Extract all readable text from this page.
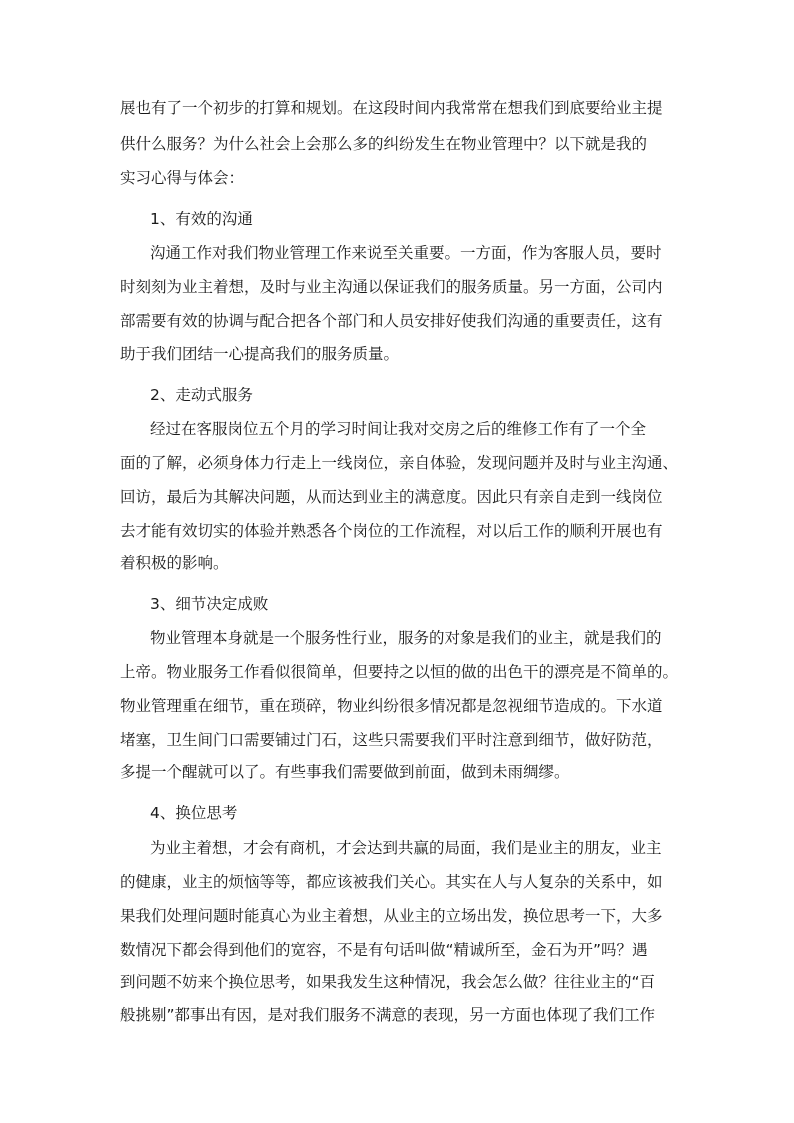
展也有了一个初步的打算和规划。在这段时间内我常常在想我们到底要给业主提
供什么服务？为什么社会上会那么多的纠纷发生在物业管理中？以下就是我的
实习心得与体会：
1、有效的沟通
沟通工作对我们物业管理工作来说至关重要。一方面，作为客服人员，要时
时刻刻为业主着想，及时与业主沟通以保证我们的服务质量。另一方面，公司内
部需要有效的协调与配合把各个部门和人员安排好使我们沟通的重要责任，这有
助于我们团结一心提高我们的服务质量。
2、走动式服务
经过在客服岗位五个月的学习时间让我对交房之后的维修工作有了一个全
面的了解，必须身体力行走上一线岗位，亲自体验，发现问题并及时与业主沟通、
回访，最后为其解决问题，从而达到业主的满意度。因此只有亲自走到一线岗位
去才能有效切实的体验并熟悉各个岗位的工作流程，对以后工作的顺利开展也有
着积极的影响。
3、细节决定成败
物业管理本身就是一个服务性行业，服务的对象是我们的业主，就是我们的
上帝。物业服务工作看似很简单，但要持之以恒的做的出色干的漂亮是不简单的。
物业管理重在细节，重在琐碎，物业纠纷很多情况都是忽视细节造成的。下水道
堵塞，卫生间门口需要铺过门石，这些只需要我们平时注意到细节，做好防范，
多提一个醒就可以了。有些事我们需要做到前面，做到未雨绸缪。
4、换位思考
为业主着想，才会有商机，才会达到共赢的局面，我们是业主的朋友，业主
的健康，业主的烦恼等等，都应该被我们关心。其实在人与人复杂的关系中，如
果我们处理问题时能真心为业主着想，从业主的立场出发，换位思考一下，大多
数情况下都会得到他们的宽容，不是有句话叫做“精诚所至，金石为开”吗？遇
到问题不妨来个换位思考，如果我发生这种情况，我会怎么做？往往业主的“百
般挑剔”都事出有因，是对我们服务不满意的表现，另一方面也体现了我们工作
